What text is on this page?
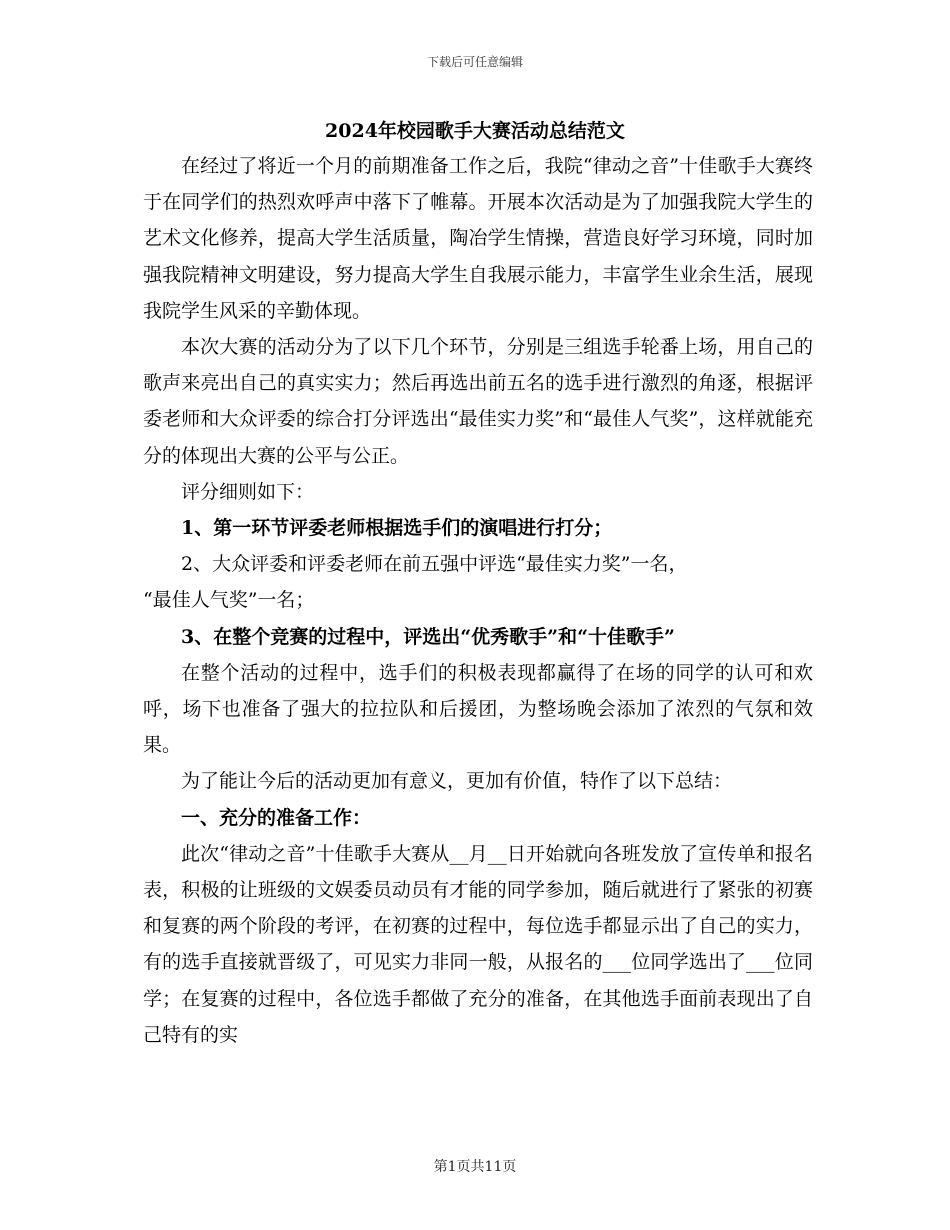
下载后可任意编辑
2024年校园歌手大赛活动总结范文

在经过了将近一个月的前期准备工作之后，我院“律动之音”十佳歌手大赛终于在同学们的热烈欢呼声中落下了帷幕。开展本次活动是为了加强我院大学生的艺术文化修养，提高大学生活质量，陶冶学生情操，营造良好学习环境，同时加强我院精神文明建设，努力提高大学生自我展示能力，丰富学生业余生活，展现我院学生风采的辛勤体现。

本次大赛的活动分为了以下几个环节，分别是三组选手轮番上场，用自己的歌声来亮出自己的真实实力；然后再选出前五名的选手进行激烈的角逐，根据评委老师和大众评委的综合打分评选出“最佳实力奖”和“最佳人气奖”，这样就能充分的体现出大赛的公平与公正。

评分细则如下：

1、第一环节评委老师根据选手们的演唱进行打分；

2、大众评委和评委老师在前五强中评选“最佳实力奖”一名，

“最佳人气奖”一名；

3、在整个竞赛的过程中，评选出“优秀歌手”和“十佳歌手”

在整个活动的过程中，选手们的积极表现都赢得了在场的同学的认可和欢呼，场下也准备了强大的拉拉队和后援团，为整场晚会添加了浓烈的气氛和效果。

为了能让今后的活动更加有意义，更加有价值，特作了以下总结：

一、充分的准备工作：

此次“律动之音”十佳歌手大赛从__月__日开始就向各班发放了宣传单和报名表，积极的让班级的文娱委员动员有才能的同学参加，随后就进行了紧张的初赛和复赛的两个阶段的考评，在初赛的过程中，每位选手都显示出了自己的实力，有的选手直接就晋级了，可见实力非同一般，从报名的___位同学选出了___位同学；在复赛的过程中，各位选手都做了充分的准备，在其他选手面前表现出了自己特有的实

第1页共11页
